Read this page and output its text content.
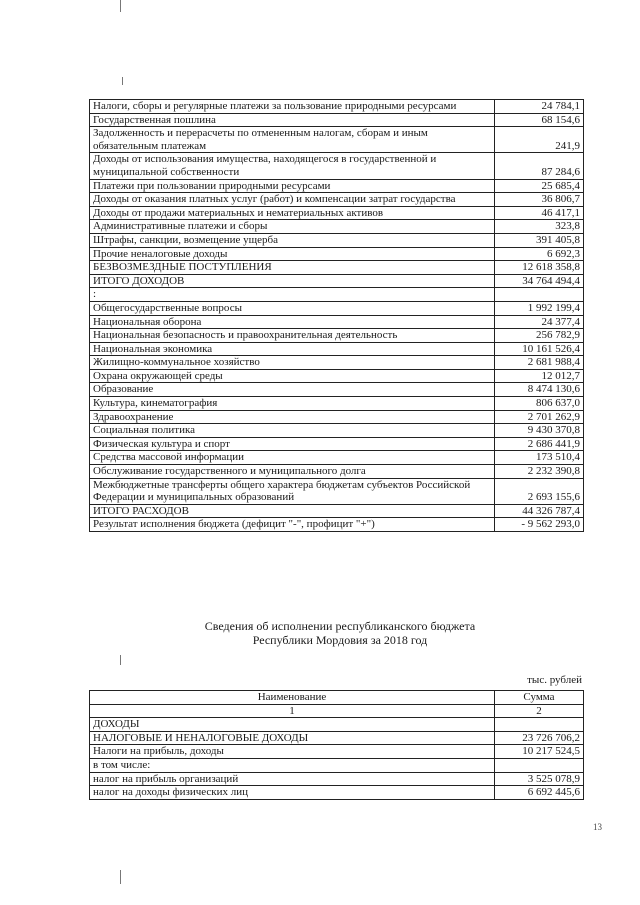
Налоги, сборы и регулярные платежи за пользование природными ресурсами	24 784,1
Государственная пошлина	68 154,6
Задолженность и перерасчеты по отмененным налогам, сборам и иным обязательным платежам	241,9
Доходы от использования имущества, находящегося в государственной и муниципальной собственности	87 284,6
Платежи при пользовании природными ресурсами	25 685,4
Доходы от оказания платных услуг (работ) и компенсации затрат государства	36 806,7
Доходы от продажи материальных и нематериальных активов	46 417,1
Административные платежи и сборы	323,8
Штрафы, санкции, возмещение ущерба	391 405,8
Прочие неналоговые доходы	6 692,3
БЕЗВОЗМЕЗДНЫЕ ПОСТУПЛЕНИЯ	12 618 358,8
ИТОГО ДОХОДОВ	34 764 494,4
:	
Общегосударственные вопросы	1 992 199,4
Национальная оборона	24 377,4
Национальная безопасность и правоохранительная деятельность	256 782,9
Национальная экономика	10 161 526,4
Жилищно-коммунальное хозяйство	2 681 988,4
Охрана окружающей среды	12 012,7
Образование	8 474 130,6
Культура, кинематография	806 637,0
Здравоохранение	2 701 262,9
Социальная политика	9 430 370,8
Физическая культура и спорт	2 686 441,9
Средства массовой информации	173 510,4
Обслуживание государственного и муниципального долга	2 232 390,8
Межбюджетные трансферты общего характера бюджетам субъектов Российской Федерации и муниципальных образований	2 693 155,6
ИТОГО РАСХОДОВ	44 326 787,4
Результат исполнения бюджета (дефицит "-", профицит "+")	- 9 562 293,0
Сведения об исполнении республиканского бюджета
Республики Мордовия за 2018 год
тыс. рублей
Наименование	Сумма
1	2
ДОХОДЫ	
НАЛОГОВЫЕ И НЕНАЛОГОВЫЕ ДОХОДЫ	23 726 706,2
Налоги на прибыль, доходы	10 217 524,5
в том числе:	
налог на прибыль организаций	3 525 078,9
налог на доходы физических лиц	6 692 445,6
13
